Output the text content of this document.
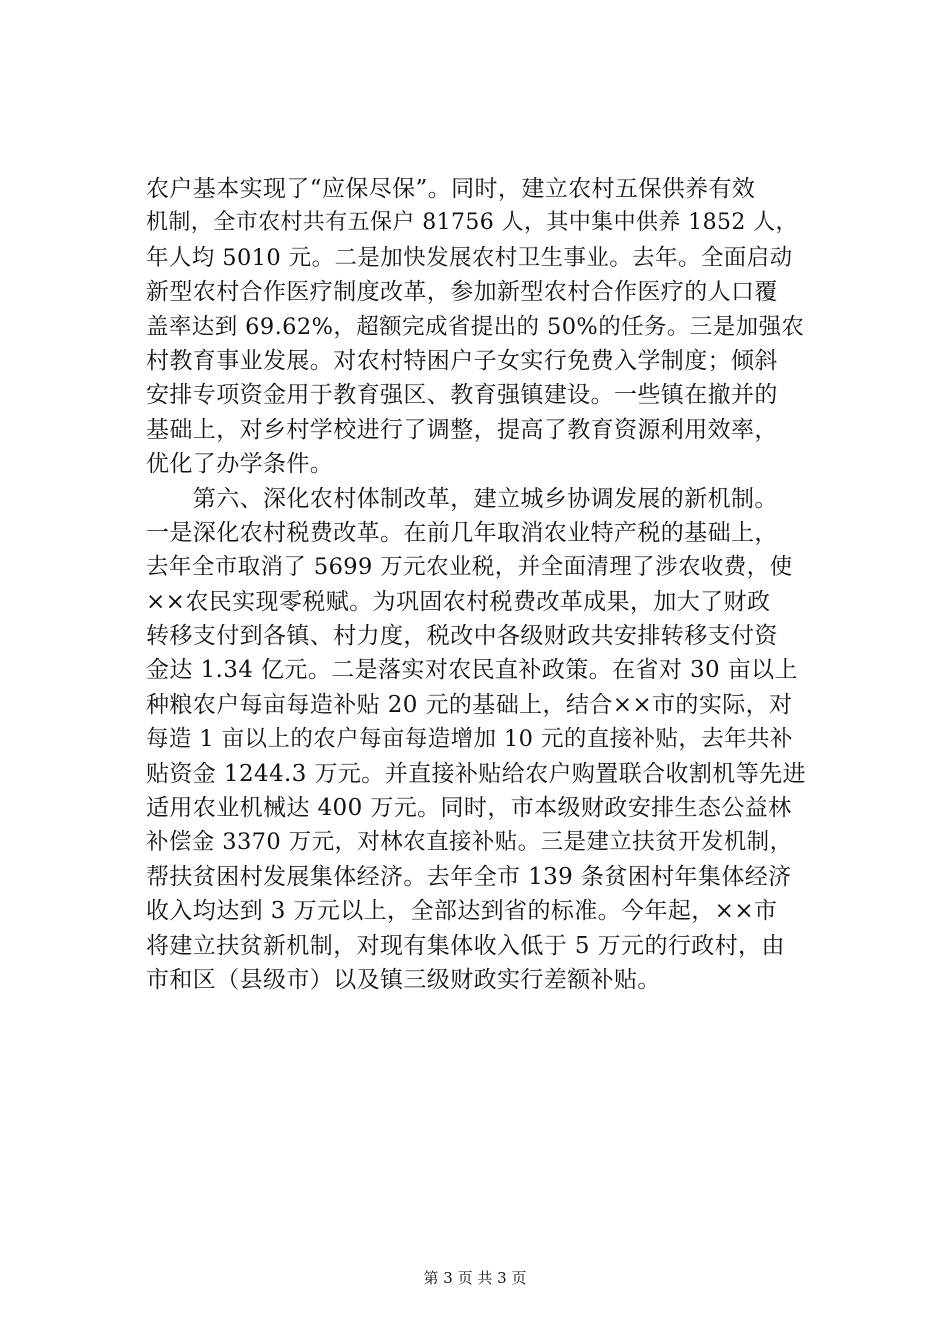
农户基本实现了“应保尽保”。同时，建立农村五保供养有效
机制，全市农村共有五保户 81756 人，其中集中供养 1852 人，
年人均 5010 元。二是加快发展农村卫生事业。去年。全面启动
新型农村合作医疗制度改革，参加新型农村合作医疗的人口覆
盖率达到 69.62%，超额完成省提出的 50%的任务。三是加强农
村教育事业发展。对农村特困户子女实行免费入学制度；倾斜
安排专项资金用于教育强区、教育强镇建设。一些镇在撤并的
基础上，对乡村学校进行了调整，提高了教育资源利用效率，
优化了办学条件。
　　第六、深化农村体制改革，建立城乡协调发展的新机制。
一是深化农村税费改革。在前几年取消农业特产税的基础上，
去年全市取消了 5699 万元农业税，并全面清理了涉农收费，使
××农民实现零税赋。为巩固农村税费改革成果，加大了财政
转移支付到各镇、村力度，税改中各级财政共安排转移支付资
金达 1.34 亿元。二是落实对农民直补政策。在省对 30 亩以上
种粮农户每亩每造补贴 20 元的基础上，结合××市的实际，对
每造 1 亩以上的农户每亩每造增加 10 元的直接补贴，去年共补
贴资金 1244.3 万元。并直接补贴给农户购置联合收割机等先进
适用农业机械达 400 万元。同时，市本级财政安排生态公益林
补偿金 3370 万元，对林农直接补贴。三是建立扶贫开发机制，
帮扶贫困村发展集体经济。去年全市 139 条贫困村年集体经济
收入均达到 3 万元以上，全部达到省的标准。今年起，××市
将建立扶贫新机制，对现有集体收入低于 5 万元的行政村，由
市和区（县级市）以及镇三级财政实行差额补贴。
第 3 页 共 3 页
